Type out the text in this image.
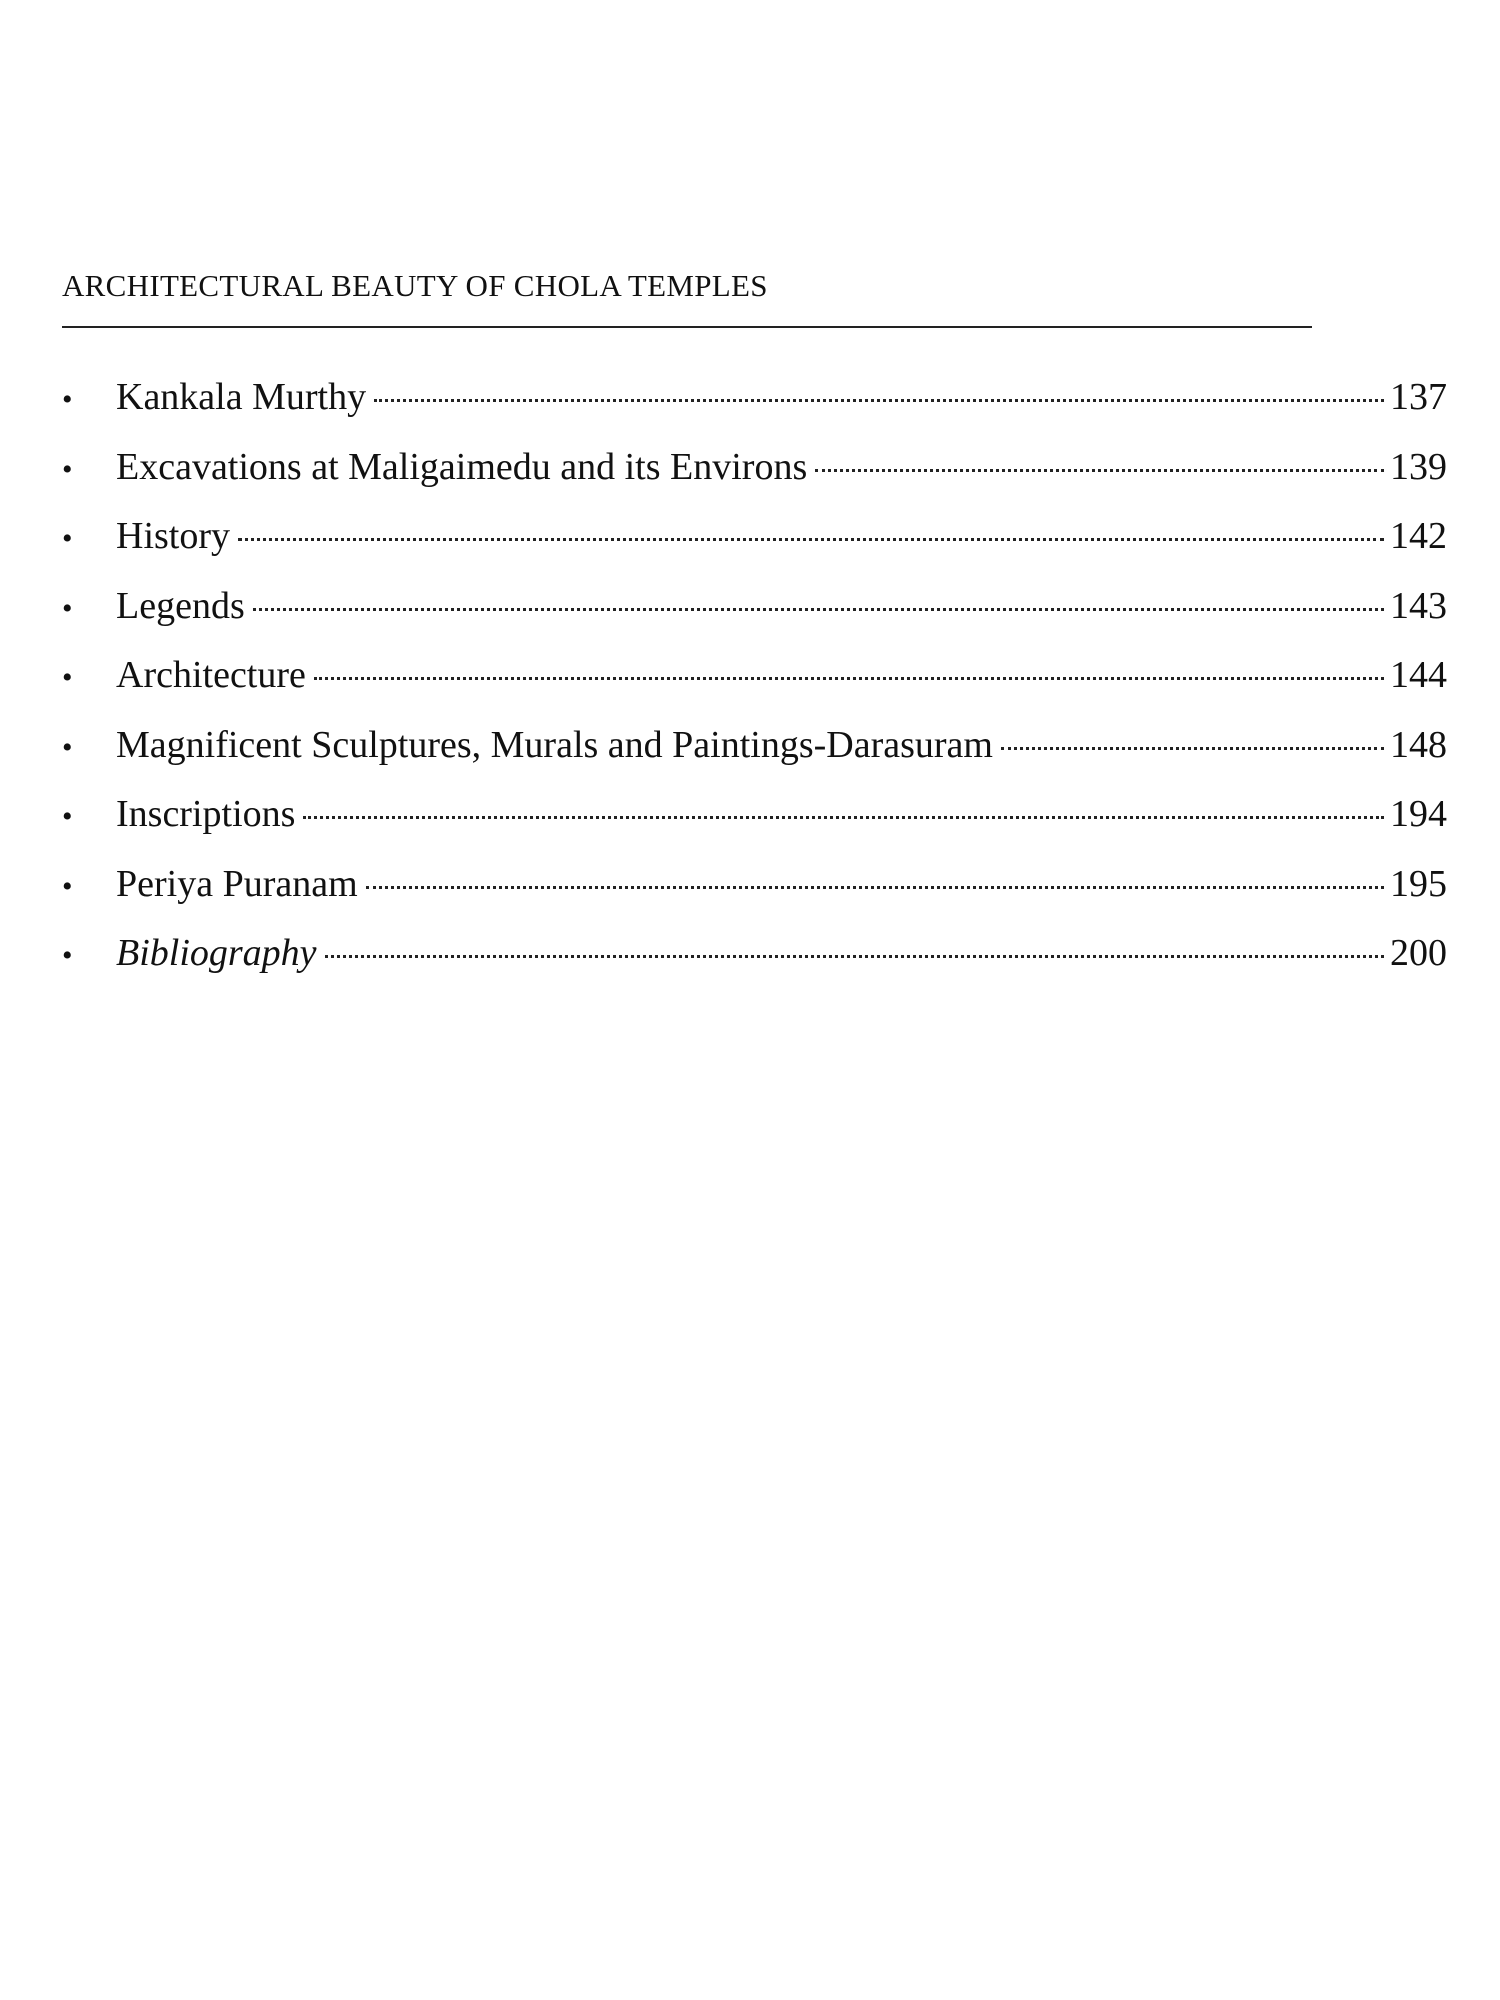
ARCHITECTURAL BEAUTY OF CHOLA TEMPLES
•	Kankala Murthy	137
•	Excavations at Maligaimedu and its Environs	139
•	History	142
•	Legends	143
•	Architecture	144
•	Magnificent Sculptures, Murals and Paintings-Darasuram	148
•	Inscriptions	194
•	Periya Puranam	195
•	Bibliography	200
